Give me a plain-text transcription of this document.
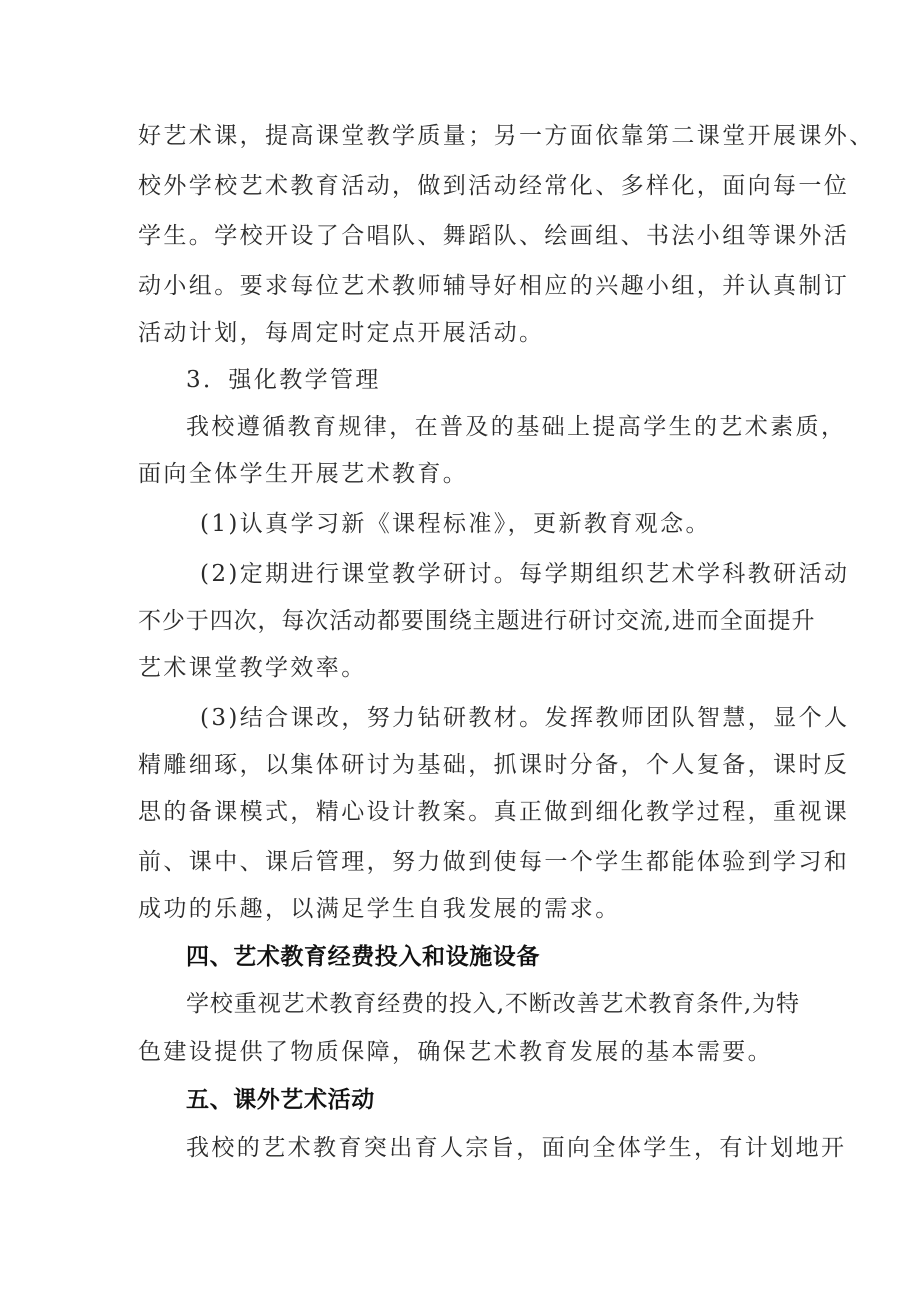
好艺术课，提高课堂教学质量；另一方面依靠第二课堂开展课外、
校外学校艺术教育活动，做到活动经常化、多样化，面向每一位
学生。学校开设了合唱队、舞蹈队、绘画组、书法小组等课外活
动小组。要求每位艺术教师辅导好相应的兴趣小组，并认真制订
活动计划，每周定时定点开展活动。
3．强化教学管理
我校遵循教育规律，在普及的基础上提高学生的艺术素质，
面向全体学生开展艺术教育。
(1)认真学习新《课程标准》，更新教育观念。
(2)定期进行课堂教学研讨。每学期组织艺术学科教研活动
不少于四次，每次活动都要围绕主题进行研讨交流,进而全面提升
艺术课堂教学效率。
(3)结合课改，努力钻研教材。发挥教师团队智慧，显个人
精雕细琢，以集体研讨为基础，抓课时分备，个人复备，课时反
思的备课模式，精心设计教案。真正做到细化教学过程，重视课
前、课中、课后管理，努力做到使每一个学生都能体验到学习和
成功的乐趣，以满足学生自我发展的需求。
四、艺术教育经费投入和设施设备
学校重视艺术教育经费的投入,不断改善艺术教育条件,为特
色建设提供了物质保障，确保艺术教育发展的基本需要。
五、课外艺术活动
我校的艺术教育突出育人宗旨，面向全体学生，有计划地开
